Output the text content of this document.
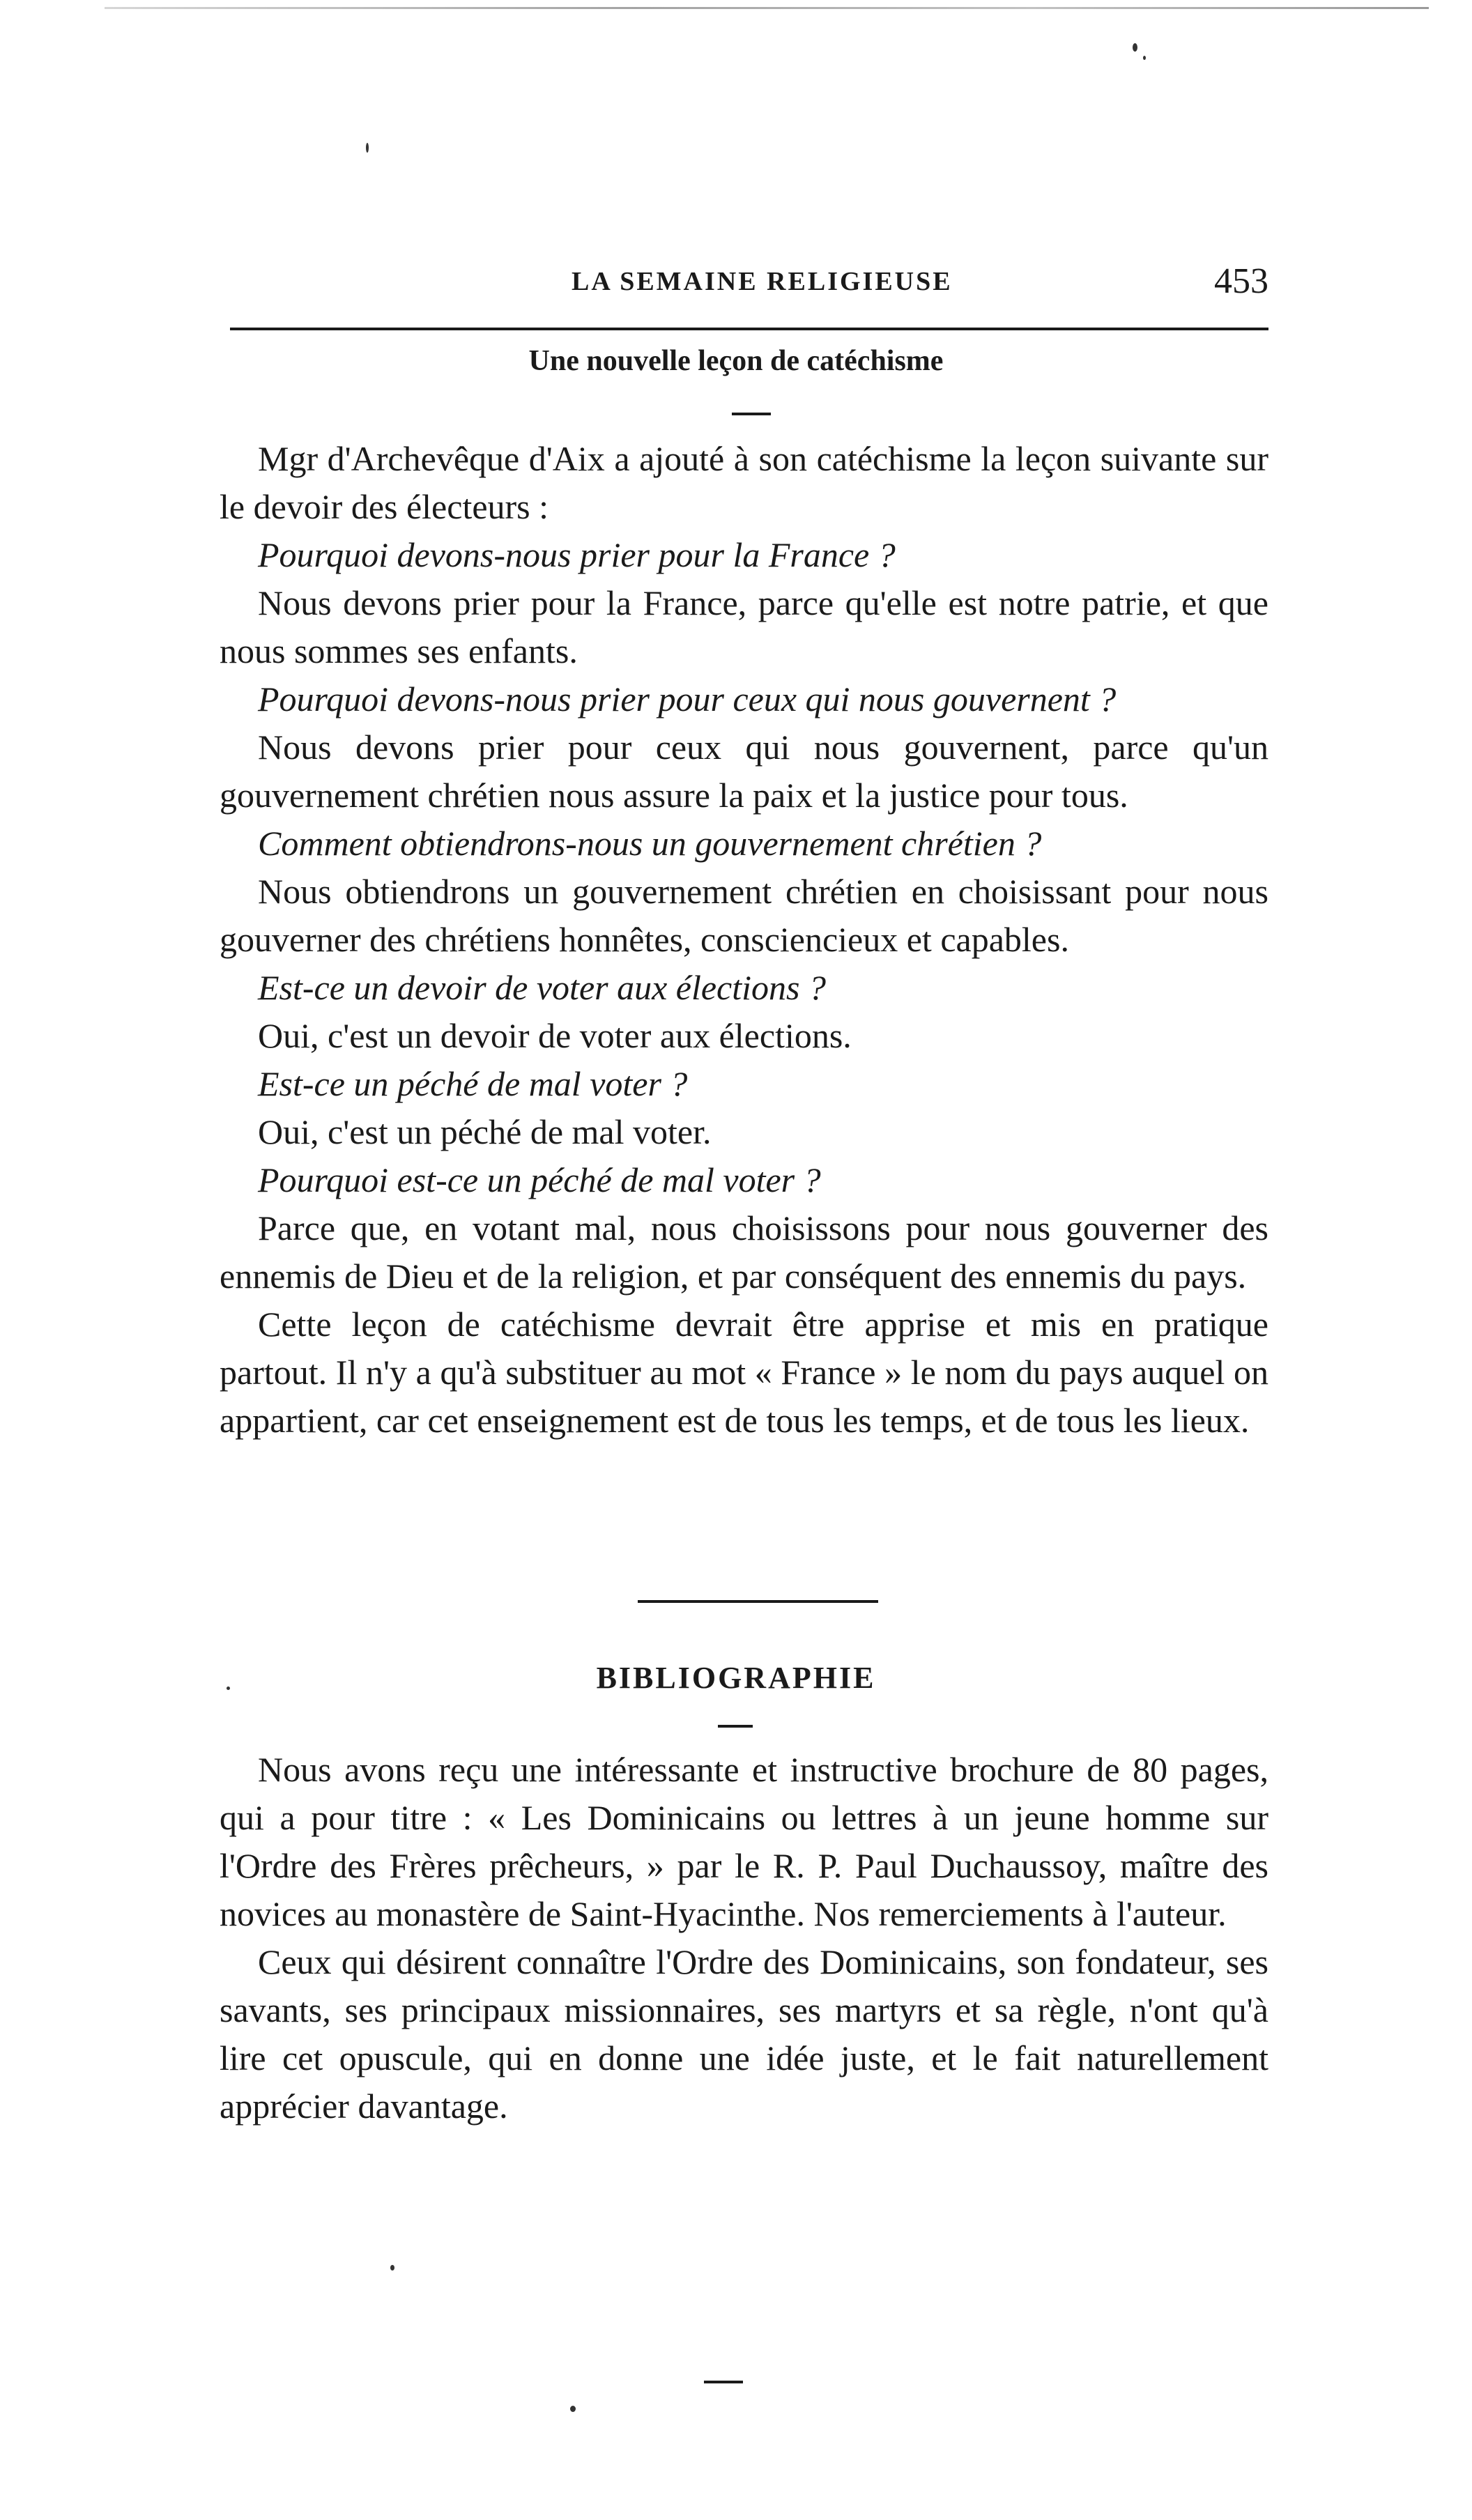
LA SEMAINE RELIGIEUSE	453
Une nouvelle leçon de catéchisme

Mgr d'Archevêque d'Aix a ajouté à son catéchisme la leçon suivante sur le devoir des électeurs :

Pourquoi devons-nous prier pour la France ?

Nous devons prier pour la France, parce qu'elle est notre patrie, et que nous sommes ses enfants.

Pourquoi devons-nous prier pour ceux qui nous gouvernent ?

Nous devons prier pour ceux qui nous gouvernent, parce qu'un gouvernement chrétien nous assure la paix et la justice pour tous.

Comment obtiendrons-nous un gouvernement chrétien ?

Nous obtiendrons un gouvernement chrétien en choisissant pour nous gouverner des chrétiens honnêtes, consciencieux et capables.

Est-ce un devoir de voter aux élections ?

Oui, c'est un devoir de voter aux élections.

Est-ce un péché de mal voter ?

Oui, c'est un péché de mal voter.

Pourquoi est-ce un péché de mal voter ?

Parce que, en votant mal, nous choisissons pour nous gouverner des ennemis de Dieu et de la religion, et par conséquent des ennemis du pays.

Cette leçon de catéchisme devrait être apprise et mis en pratique partout. Il n'y a qu'à substituer au mot « France » le nom du pays auquel on appartient, car cet enseignement est de tous les temps, et de tous les lieux.

BIBLIOGRAPHIE

Nous avons reçu une intéressante et instructive brochure de 80 pages, qui a pour titre : « Les Dominicains ou lettres à un jeune homme sur l'Ordre des Frères prêcheurs, » par le R. P. Paul Duchaussoy, maître des novices au monastère de Saint-Hyacinthe. Nos remerciements à l'auteur.

Ceux qui désirent connaître l'Ordre des Dominicains, son fondateur, ses savants, ses principaux missionnaires, ses martyrs et sa règle, n'ont qu'à lire cet opuscule, qui en donne une idée juste, et le fait naturellement apprécier davantage.
